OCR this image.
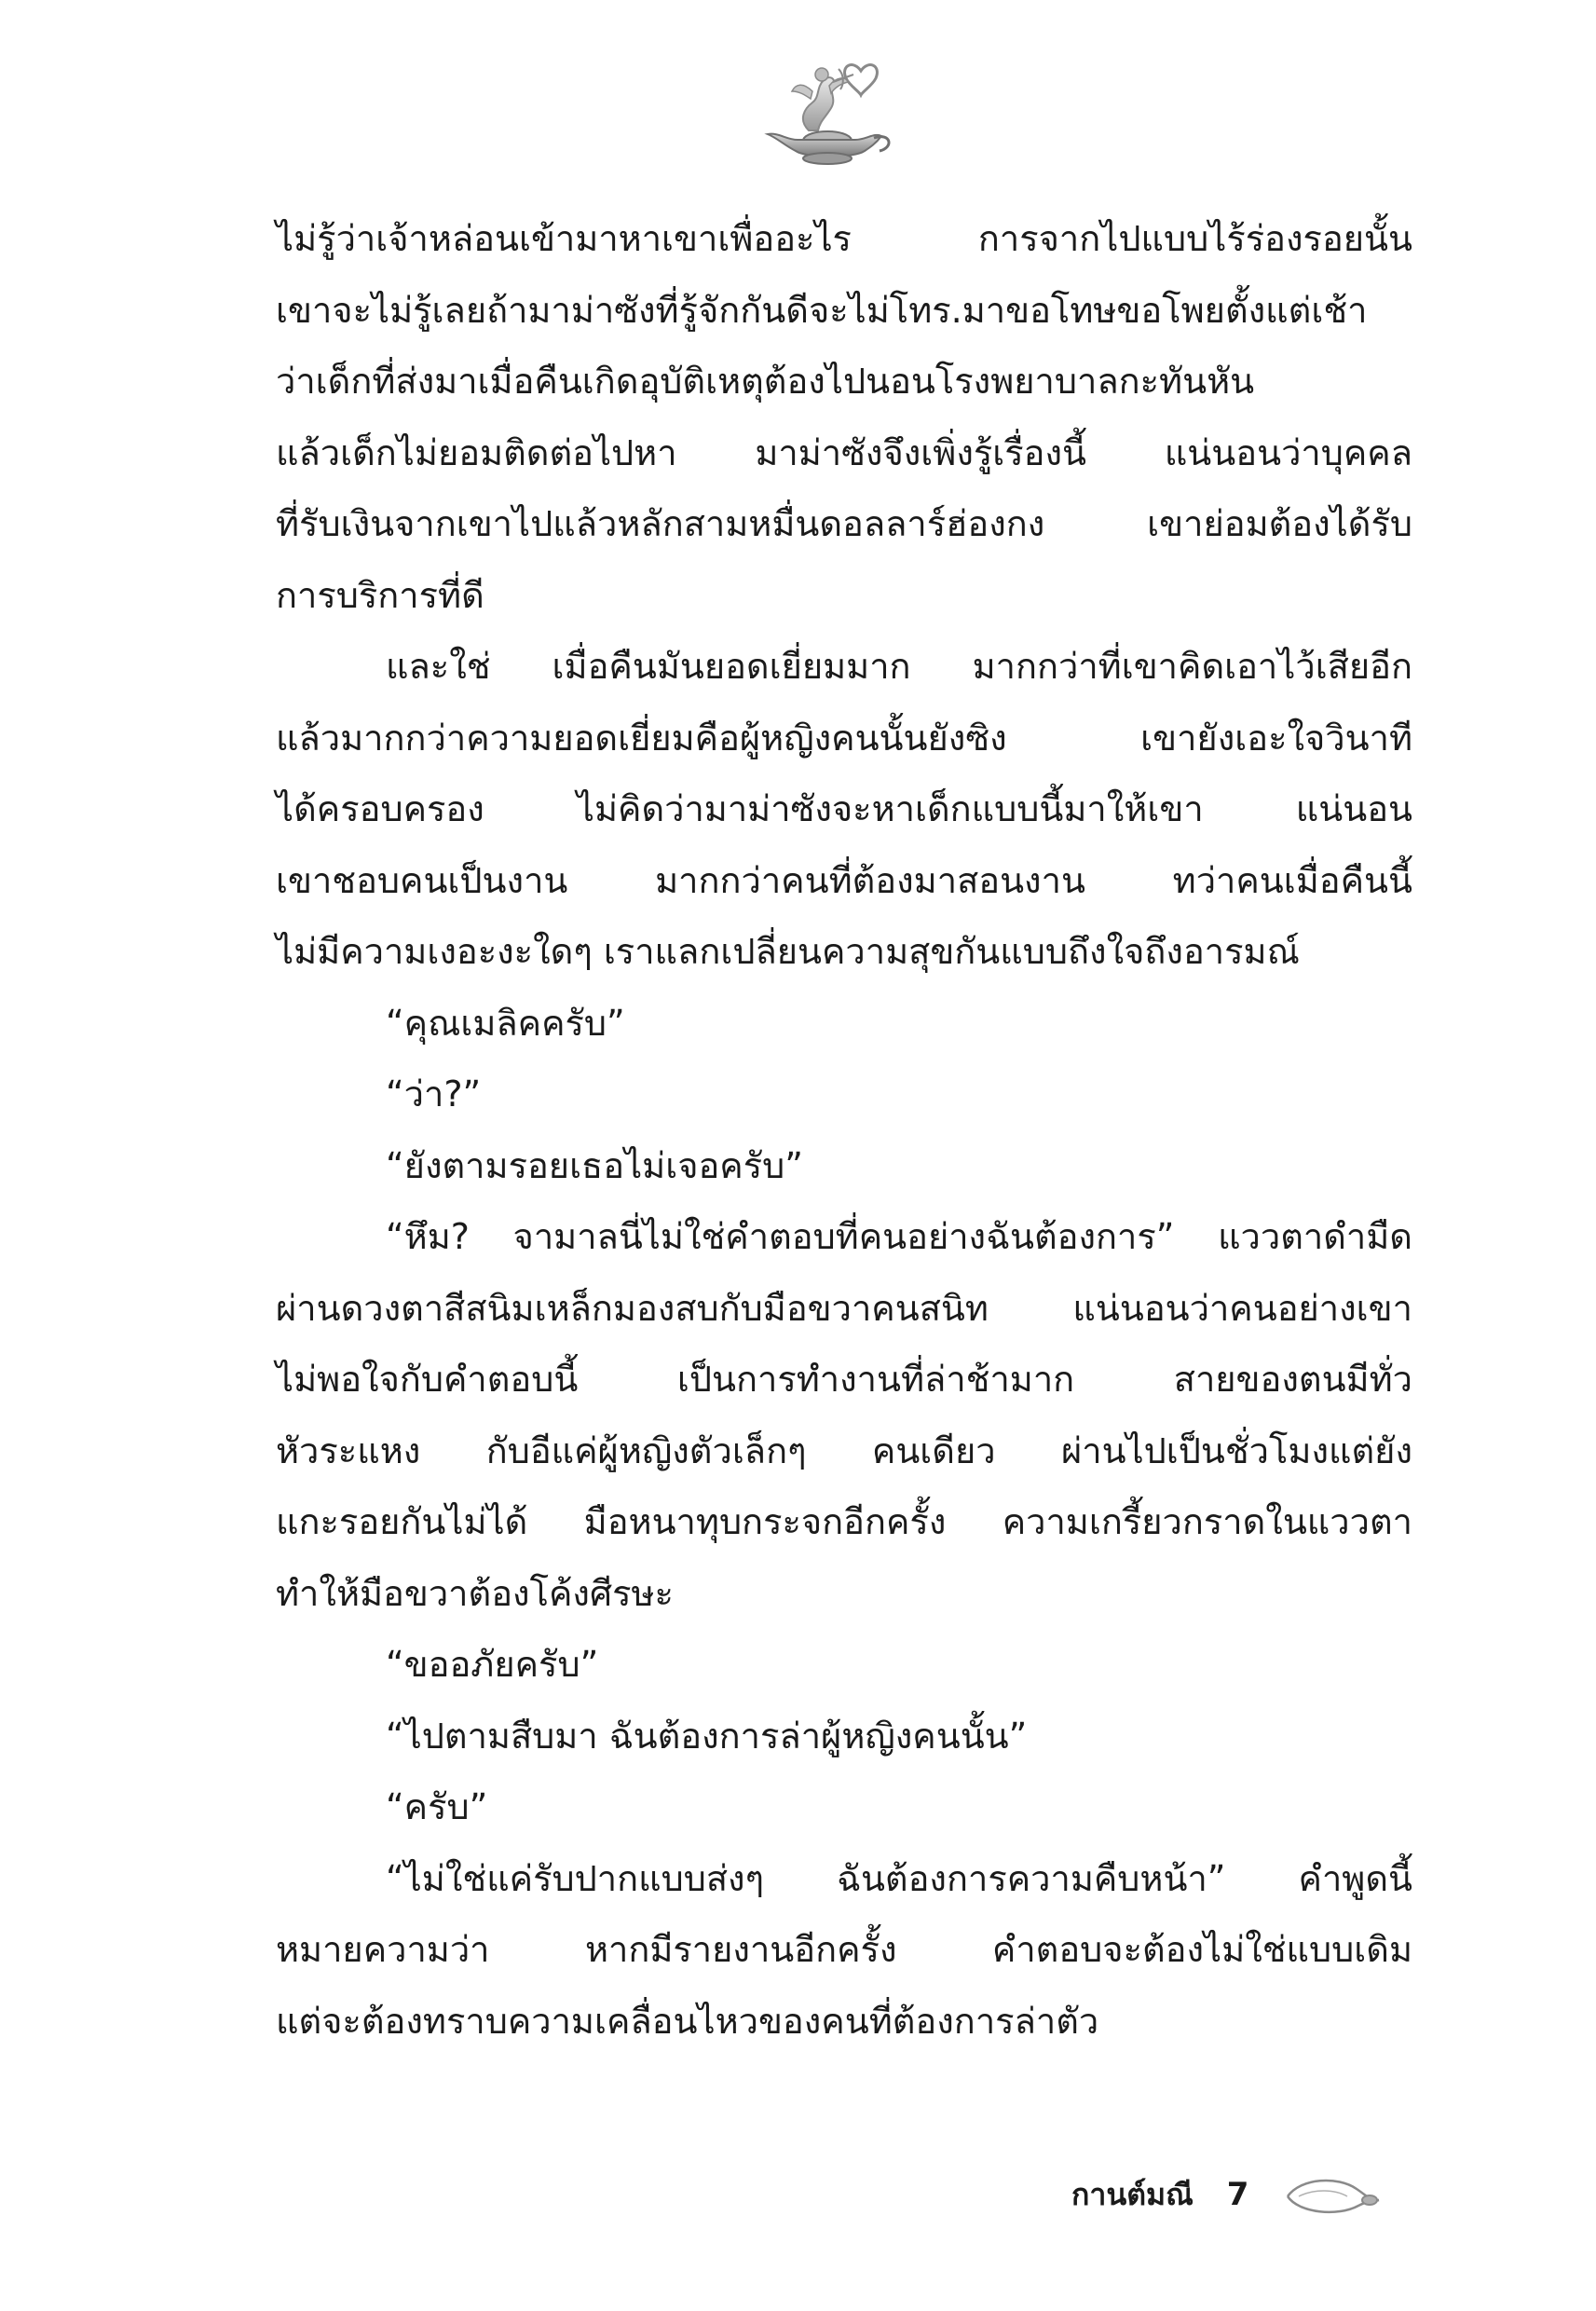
ไม่รู้ว่าเจ้าหล่อนเข้ามาหาเขาเพื่ออะไร การจากไปแบบไร้ร่องรอยนั้น
เขาจะไม่รู้เลยถ้ามาม่าซังที่รู้จักกันดีจะไม่โทร.มาขอโทษขอโพยตั้งแต่เช้า
ว่าเด็กที่ส่งมาเมื่อคืนเกิดอุบัติเหตุต้องไปนอนโรงพยาบาลกะทันหัน
แล้วเด็กไม่ยอมติดต่อไปหา มาม่าซังจึงเพิ่งรู้เรื่องนี้ แน่นอนว่าบุคคล
ที่รับเงินจากเขาไปแล้วหลักสามหมื่นดอลลาร์ฮ่องกง เขาย่อมต้องได้รับ
การบริการที่ดี
และใช่ เมื่อคืนมันยอดเยี่ยมมาก มากกว่าที่เขาคิดเอาไว้เสียอีก
แล้วมากกว่าความยอดเยี่ยมคือผู้หญิงคนนั้นยังซิง เขายังเอะใจวินาที
ได้ครอบครอง ไม่คิดว่ามาม่าซังจะหาเด็กแบบนี้มาให้เขา แน่นอน
เขาชอบคนเป็นงาน มากกว่าคนที่ต้องมาสอนงาน ทว่าคนเมื่อคืนนี้
ไม่มีความเงอะงะใดๆ เราแลกเปลี่ยนความสุขกันแบบถึงใจถึงอารมณ์
“คุณเมลิคครับ”
“ว่า?”
“ยังตามรอยเธอไม่เจอครับ”
“หึม? จามาลนี่ไม่ใช่คำตอบที่คนอย่างฉันต้องการ” แววตาดำมืด
ผ่านดวงตาสีสนิมเหล็กมองสบกับมือขวาคนสนิท แน่นอนว่าคนอย่างเขา
ไม่พอใจกับคำตอบนี้ เป็นการทำงานที่ล่าช้ามาก สายของตนมีทั่ว
หัวระแหง กับอีแค่ผู้หญิงตัวเล็กๆ คนเดียว ผ่านไปเป็นชั่วโมงแต่ยัง
แกะรอยกันไม่ได้ มือหนาทุบกระจกอีกครั้ง ความเกรี้ยวกราดในแววตา
ทำให้มือขวาต้องโค้งศีรษะ
“ขออภัยครับ”
“ไปตามสืบมา ฉันต้องการล่าผู้หญิงคนนั้น”
“ครับ”
“ไม่ใช่แค่รับปากแบบส่งๆ ฉันต้องการความคืบหน้า” คำพูดนี้
หมายความว่า หากมีรายงานอีกครั้ง คำตอบจะต้องไม่ใช่แบบเดิม
แต่จะต้องทราบความเคลื่อนไหวของคนที่ต้องการล่าตัว
กานต์มณี 7
